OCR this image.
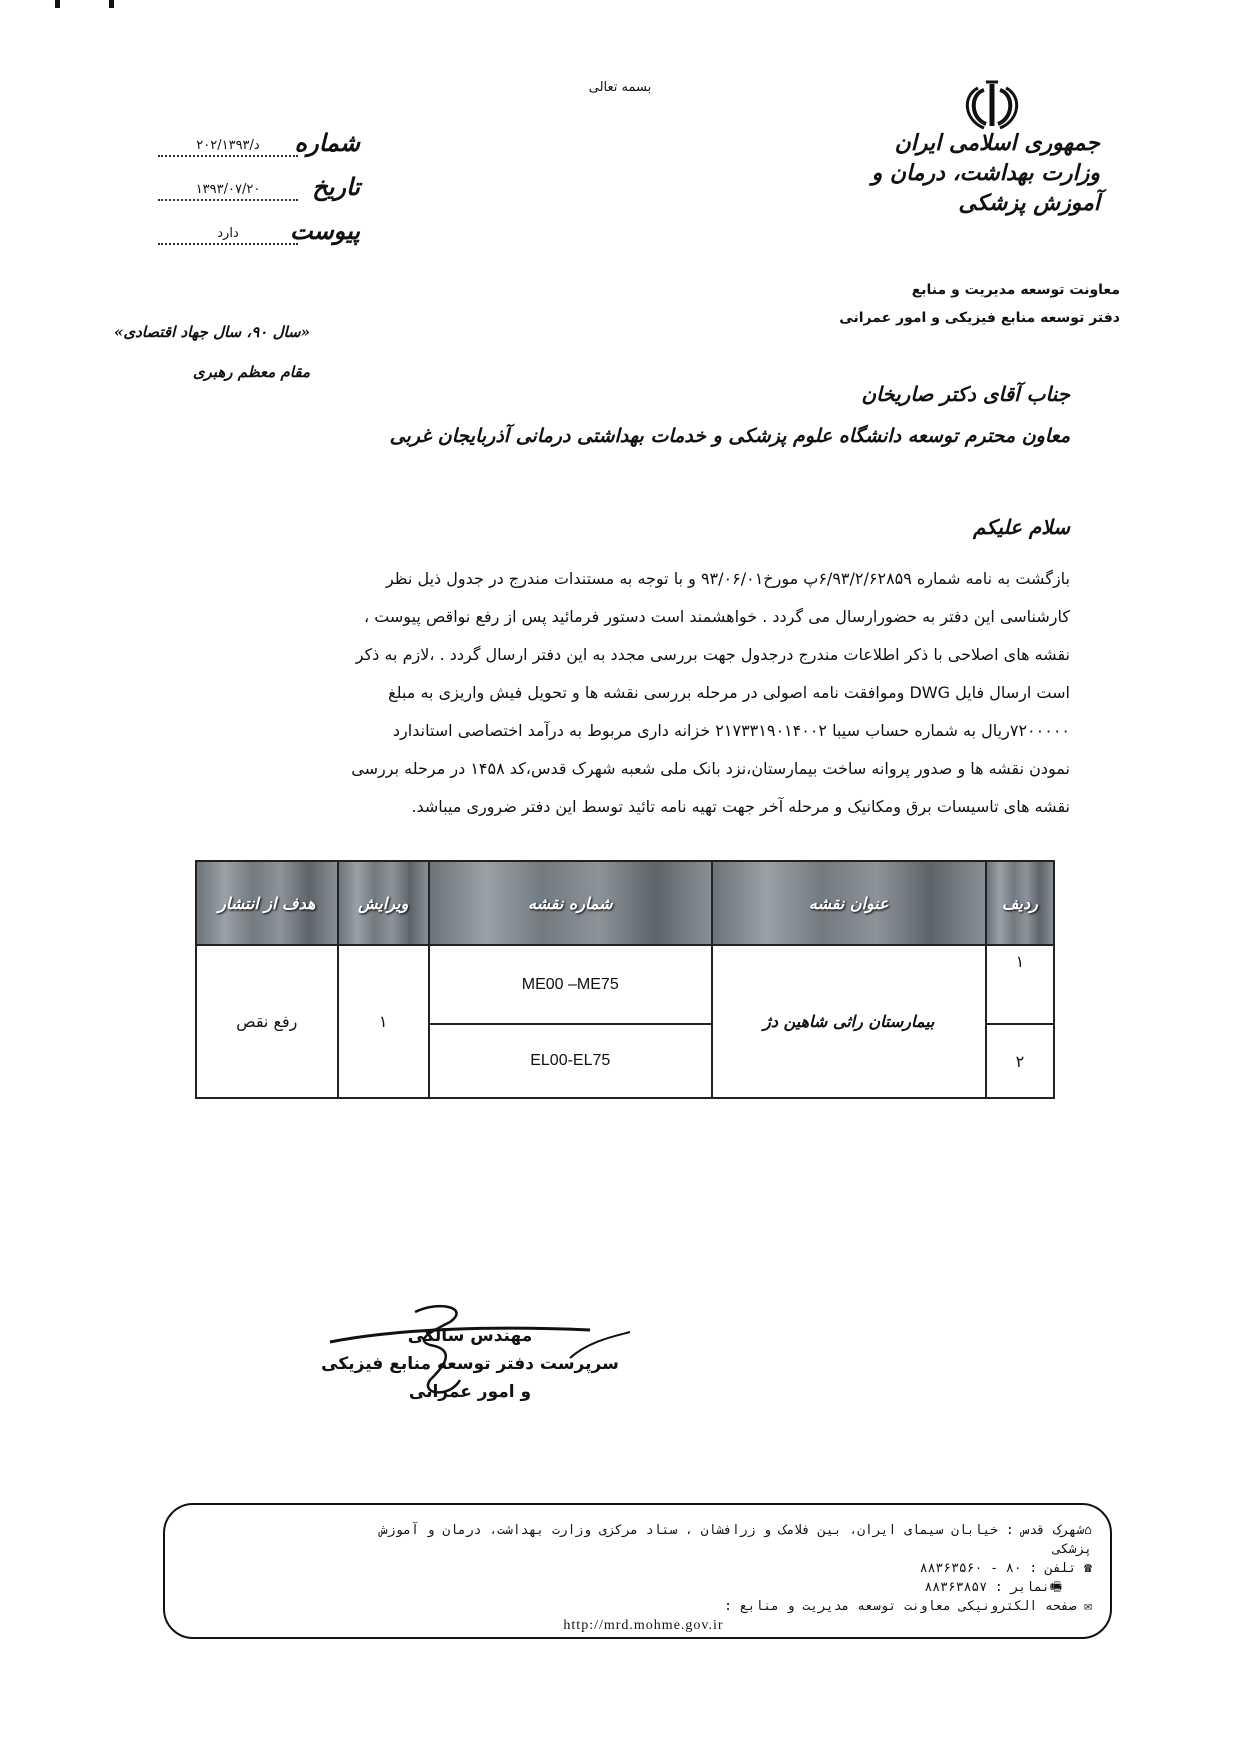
بسمه تعالی
جمهوری اسلامی ایران
وزارت بهداشت، درمان و آموزش پزشکی
معاونت توسعه مدیریت و منابع
دفتر توسعه منابع فیزیکی و امور عمرانی
شمارهد/۲۰۲/۱۳۹۳
تاریخ۱۳۹۳/۰۷/۲۰
پیوستدارد
«سال ۹۰، سال جهاد اقتصادی»
مقام معظم رهبری
جناب آقای دکتر صاریخان
معاون محترم توسعه دانشگاه علوم پزشکی و خدمات بهداشتی درمانی آذربایجان غربی
سلام علیکم

بازگشت به نامه شماره ۶/۹۳/۲/۶۲۸۵۹پ مورخ۹۳/۰۶/۰۱ و با توجه به مستندات مندرج در جدول ذیل نظر

کارشناسی این دفتر به حضورارسال می گردد . خواهشمند است دستور فرمائید پس از رفع نواقص پیوست ،

نقشه های اصلاحی با ذکر اطلاعات مندرج درجدول جهت بررسی مجدد به این دفتر ارسال گردد . ،لازم به ذکر

است ارسال فایل DWG وموافقت نامه اصولی در مرحله بررسی نقشه ها و تحویل فیش واریزی به مبلغ

۷۲۰۰۰۰۰ریال به شماره حساب سیبا ۲۱۷۳۳۱۹۰۱۴۰۰۲ خزانه داری مربوط به درآمد اختصاصی استاندارد

نمودن نقشه ها و صدور پروانه ساخت بیمارستان،نزد بانک ملی شعبه شهرک قدس،کد ۱۴۵۸ در مرحله بررسی

نقشه های تاسیسات برق ومکانیک و مرحله آخر جهت تهیه نامه تائید توسط این دفتر ضروری میباشد.

ردیف	عنوان نقشه	شماره نقشه	ویرایش	هدف از انتشار
۱	بیمارستان راثی شاهین دژ	ME00 –ME75	۱	رفع نقص
۲		EL00-EL75		
مهندس سالکی
سرپرست دفتر توسعه منابع فیزیکی
و امور عمرانی
⌂شهرک قدس : خیابان سیمای ایران، بین فلامک و زرافشان ، ستاد مرکزی وزارت بهداشت، درمان و آموزش
پزشکی
☎ تلفن : ۸۰ - ۸۸۳۶۳۵۶۰
🖷نمابر : ۸۸۳۶۳۸۵۷
✉ صفحه الکترونیکی معاونت توسعه مدیریت و منابع :
http://mrd.mohme.gov.ir
